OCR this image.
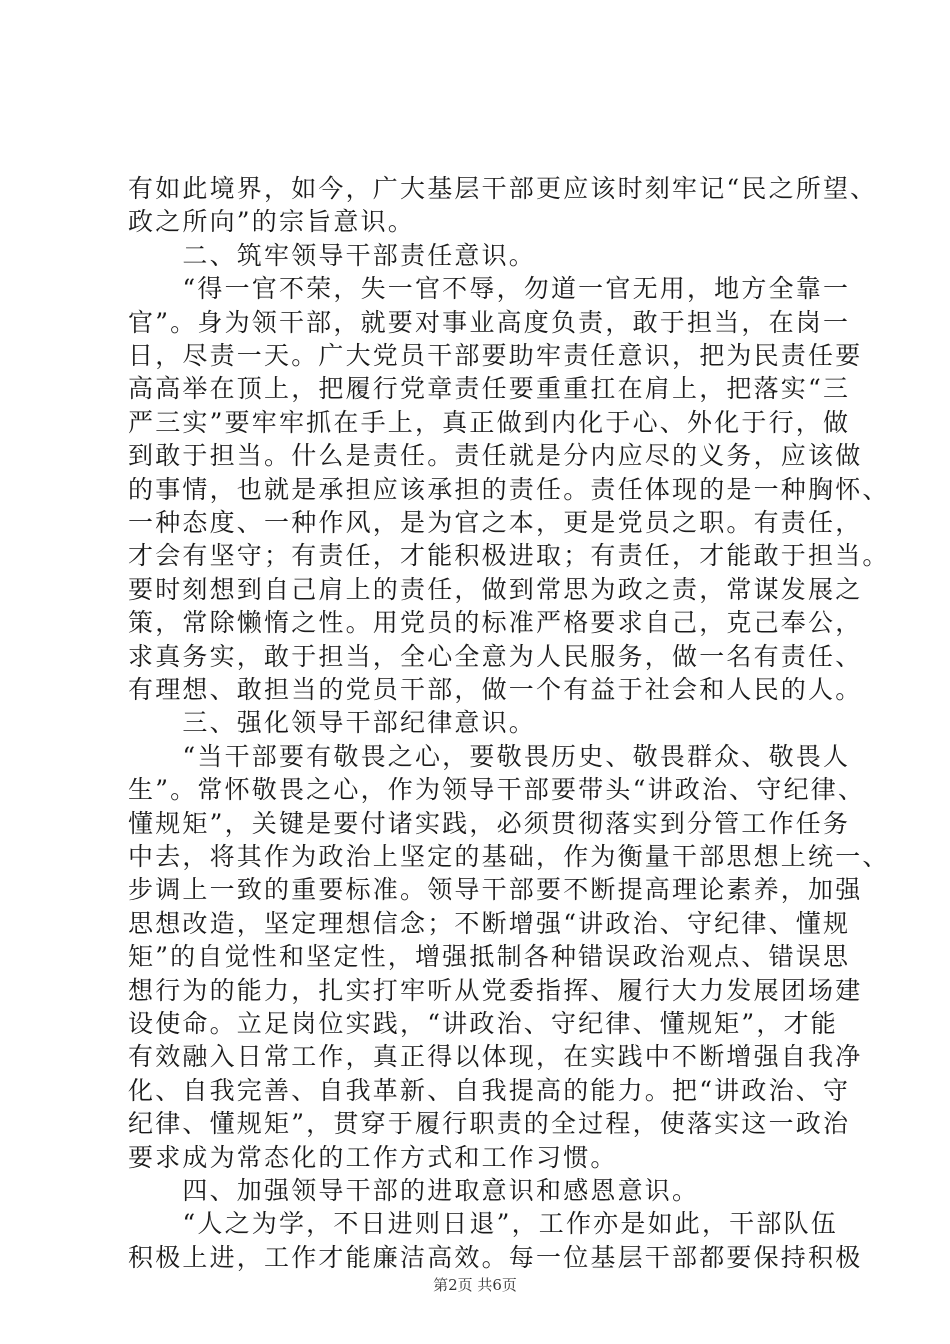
有如此境界，如今，广大基层干部更应该时刻牢记“民之所望、
政之所向”的宗旨意识。
　　二、筑牢领导干部责任意识。
　　“得一官不荣，失一官不辱，勿道一官无用，地方全靠一
官”。身为领干部，就要对事业高度负责，敢于担当，在岗一
日，尽责一天。广大党员干部要助牢责任意识，把为民责任要
高高举在顶上，把履行党章责任要重重扛在肩上，把落实“三
严三实”要牢牢抓在手上，真正做到内化于心、外化于行，做
到敢于担当。什么是责任。责任就是分内应尽的义务，应该做
的事情，也就是承担应该承担的责任。责任体现的是一种胸怀、
一种态度、一种作风，是为官之本，更是党员之职。有责任，
才会有坚守；有责任，才能积极进取；有责任，才能敢于担当。
要时刻想到自己肩上的责任，做到常思为政之责，常谋发展之
策，常除懒惰之性。用党员的标准严格要求自己，克己奉公，
求真务实，敢于担当，全心全意为人民服务，做一名有责任、
有理想、敢担当的党员干部，做一个有益于社会和人民的人。
　　三、强化领导干部纪律意识。
　　“当干部要有敬畏之心，要敬畏历史、敬畏群众、敬畏人
生”。常怀敬畏之心，作为领导干部要带头“讲政治、守纪律、
懂规矩”，关键是要付诸实践，必须贯彻落实到分管工作任务
中去，将其作为政治上坚定的基础，作为衡量干部思想上统一、
步调上一致的重要标准。领导干部要不断提高理论素养，加强
思想改造，坚定理想信念；不断增强“讲政治、守纪律、懂规
矩”的自觉性和坚定性，增强抵制各种错误政治观点、错误思
想行为的能力，扎实打牢听从党委指挥、履行大力发展团场建
设使命。立足岗位实践，“讲政治、守纪律、懂规矩”，才能
有效融入日常工作，真正得以体现，在实践中不断增强自我净
化、自我完善、自我革新、自我提高的能力。把“讲政治、守
纪律、懂规矩”，贯穿于履行职责的全过程，使落实这一政治
要求成为常态化的工作方式和工作习惯。
　　四、加强领导干部的进取意识和感恩意识。
　　“人之为学，不日进则日退”，工作亦是如此，干部队伍
积极上进，工作才能廉洁高效。每一位基层干部都要保持积极
第2页 共6页
